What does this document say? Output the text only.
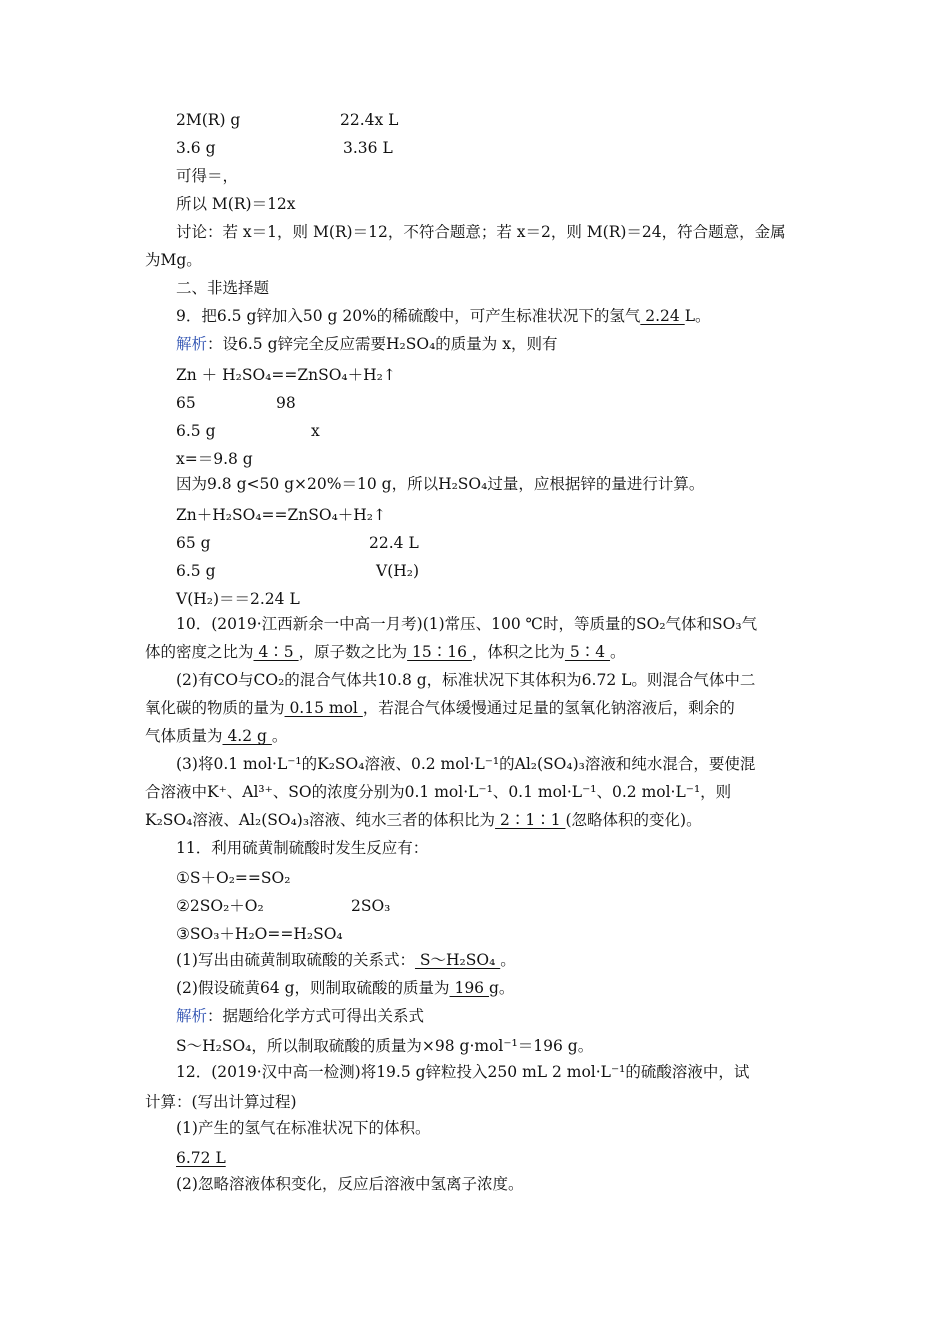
2M(R) g	22.4x L
3.6 g	3.36 L
可得＝，
所以 M(R)＝12x
讨论：若 x＝1，则 M(R)＝12，不符合题意；若 x＝2，则 M(R)＝24，符合题意，金属
为Mg。
二、非选择题
9．把6.5 g锌加入50 g 20%的稀硫酸中，可产生标准状况下的氢气 2.24 L。
解析：设6.5 g锌完全反应需要H₂SO₄的质量为 x，则有
Zn ＋ H₂SO₄==ZnSO₄＋H₂↑
65	98
6.5 g	x
x=＝9.8 g
因为9.8 g<50 g×20%＝10 g，所以H₂SO₄过量，应根据锌的量进行计算。
Zn＋H₂SO₄==ZnSO₄＋H₂↑
65 g	22.4 L
6.5 g	V(H₂)
V(H₂)＝＝2.24 L
10．(2019·江西新余一中高一月考)(1)常压、100 ℃时，等质量的SO₂气体和SO₃气
体的密度之比为 4∶5 ，原子数之比为 15∶16 ，体积之比为 5∶4 。
(2)有CO与CO₂的混合气体共10.8 g，标准状况下其体积为6.72 L。则混合气体中二
氧化碳的物质的量为 0.15 mol ，若混合气体缓慢通过足量的氢氧化钠溶液后，剩余的
气体质量为 4.2 g 。
(3)将0.1 mol·L⁻¹的K₂SO₄溶液、0.2 mol·L⁻¹的Al₂(SO₄)₃溶液和纯水混合，要使混
合溶液中K⁺、Al³⁺、SO的浓度分别为0.1 mol·L⁻¹、0.1 mol·L⁻¹、0.2 mol·L⁻¹，则
K₂SO₄溶液、Al₂(SO₄)₃溶液、纯水三者的体积比为 2∶1∶1 (忽略体积的变化)。
11．利用硫黄制硫酸时发生反应有：
①S＋O₂==SO₂
②2SO₂＋O₂	2SO₃
③SO₃＋H₂O==H₂SO₄
(1)写出由硫黄制取硫酸的关系式： S～H₂SO₄ 。
(2)假设硫黄64 g，则制取硫酸的质量为 196 g。
解析：据题给化学方式可得出关系式
S～H₂SO₄，所以制取硫酸的质量为×98 g·mol⁻¹＝196 g。
12．(2019·汉中高一检测)将19.5 g锌粒投入250 mL 2 mol·L⁻¹的硫酸溶液中，试
计算：(写出计算过程)
(1)产生的氢气在标准状况下的体积。
6.72 L
(2)忽略溶液体积变化，反应后溶液中氢离子浓度。
